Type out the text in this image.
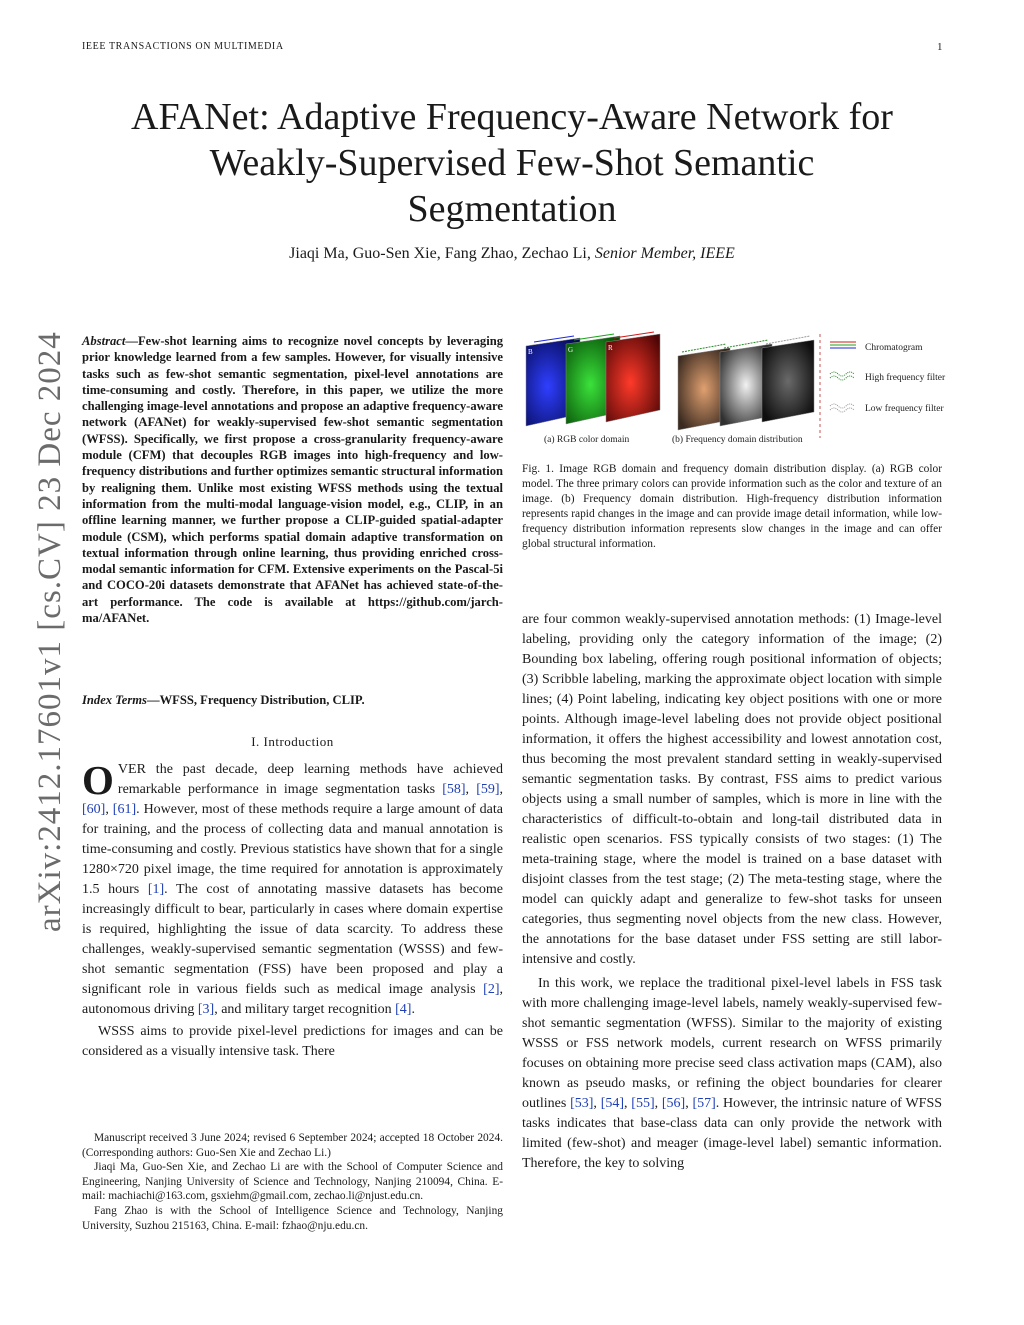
IEEE TRANSACTIONS ON MULTIMEDIA	1
AFANet: Adaptive Frequency-Aware Network for
Weakly-Supervised Few-Shot Semantic
Segmentation
Jiaqi Ma, Guo-Sen Xie, Fang Zhao, Zechao Li, Senior Member, IEEE
arXiv:2412.17601v1 [cs.CV] 23 Dec 2024 Abstract—Few-shot learning aims to recognize novel concepts by leveraging prior knowledge learned from a few samples. However, for visually intensive tasks such as few-shot semantic segmentation, pixel-level annotations are time-consuming and costly. Therefore, in this paper, we utilize the more challenging image-level annotations and propose an adaptive frequency-aware network (AFANet) for weakly-supervised few-shot semantic segmentation (WFSS). Specifically, we first propose a cross-granularity frequency-aware module (CFM) that decouples RGB images into high-frequency and low-frequency distributions and further optimizes semantic structural information by realigning them. Unlike most existing WFSS methods using the textual information from the multi-modal language-vision model, e.g., CLIP, in an offline learning manner, we further propose a CLIP-guided spatial-adapter module (CSM), which performs spatial domain adaptive transformation on textual information through online learning, thus providing enriched cross-modal semantic information for CFM. Extensive experiments on the Pascal-5i and COCO-20i datasets demonstrate that AFANet has achieved state-of-the-art performance. The code is available at https://github.com/jarch-ma/AFANet.
Index Terms—WFSS, Frequency Distribution, CLIP.
I. Introduction

OVER the past decade, deep learning methods have achieved remarkable performance in image segmentation tasks [58], [59], [60], [61]. However, most of these methods require a large amount of data for training, and the process of collecting data and manual annotation is time-consuming and costly. Previous statistics have shown that for a single 1280×720 pixel image, the time required for annotation is approximately 1.5 hours [1]. The cost of annotating massive datasets has become increasingly difficult to bear, particularly in cases where domain expertise is required, highlighting the issue of data scarcity. To address these challenges, weakly-supervised semantic segmentation (WSSS) and few-shot semantic segmentation (FSS) have been proposed and play a significant role in various fields such as medical image analysis [2], autonomous driving [3], and military target recognition [4].

WSSS aims to provide pixel-level predictions for images and can be considered as a visually intensive task. There

Manuscript received 3 June 2024; revised 6 September 2024; accepted 18 October 2024.(Corresponding authors: Guo-Sen Xie and Zechao Li.)

Jiaqi Ma, Guo-Sen Xie, and Zechao Li are with the School of Computer Science and Engineering, Nanjing University of Science and Technology, Nanjing 210094, China. E-mail: machiachi@163.com, gsxiehm@gmail.com, zechao.li@njust.edu.cn.

Fang Zhao is with the School of Intelligence Science and Technology, Nanjing University, Suzhou 215163, China. E-mail: fzhao@nju.edu.cn.

B	G	R	Chromatogram
High frequency filter
Low frequency filter
(a) RGB color domain	(b) Frequency domain distribution
Fig. 1. Image RGB domain and frequency domain distribution display. (a) RGB color model. The three primary colors can provide information such as the color and texture of an image. (b) Frequency domain distribution. High-frequency distribution information represents rapid changes in the image and can provide image detail information, while low-frequency distribution information represents slow changes in the image and can offer global structural information.

are four common weakly-supervised annotation methods: (1) Image-level labeling, providing only the category information of the image; (2) Bounding box labeling, offering rough positional information of objects; (3) Scribble labeling, marking the approximate object location with simple lines; (4) Point labeling, indicating key object positions with one or more points. Although image-level labeling does not provide object positional information, it offers the highest accessibility and lowest annotation cost, thus becoming the most prevalent standard setting in weakly-supervised semantic segmentation tasks. By contrast, FSS aims to predict various objects using a small number of samples, which is more in line with the characteristics of difficult-to-obtain and long-tail distributed data in realistic open scenarios. FSS typically consists of two stages: (1) The meta-training stage, where the model is trained on a base dataset with disjoint classes from the test stage; (2) The meta-testing stage, where the model can quickly adapt and generalize to few-shot tasks for unseen categories, thus segmenting novel objects from the new class. However, the annotations for the base dataset under FSS setting are still labor-intensive and costly.

In this work, we replace the traditional pixel-level labels in FSS task with more challenging image-level labels, namely weakly-supervised few-shot semantic segmentation (WFSS). Similar to the majority of existing WSSS or FSS network models, current research on WFSS primarily focuses on obtaining more precise seed class activation maps (CAM), also known as pseudo masks, or refining the object boundaries for clearer outlines [53], [54], [55], [56], [57]. However, the intrinsic nature of WFSS tasks indicates that base-class data can only provide the network with limited (few-shot) and meager (image-level label) semantic information. Therefore, the key to solving
